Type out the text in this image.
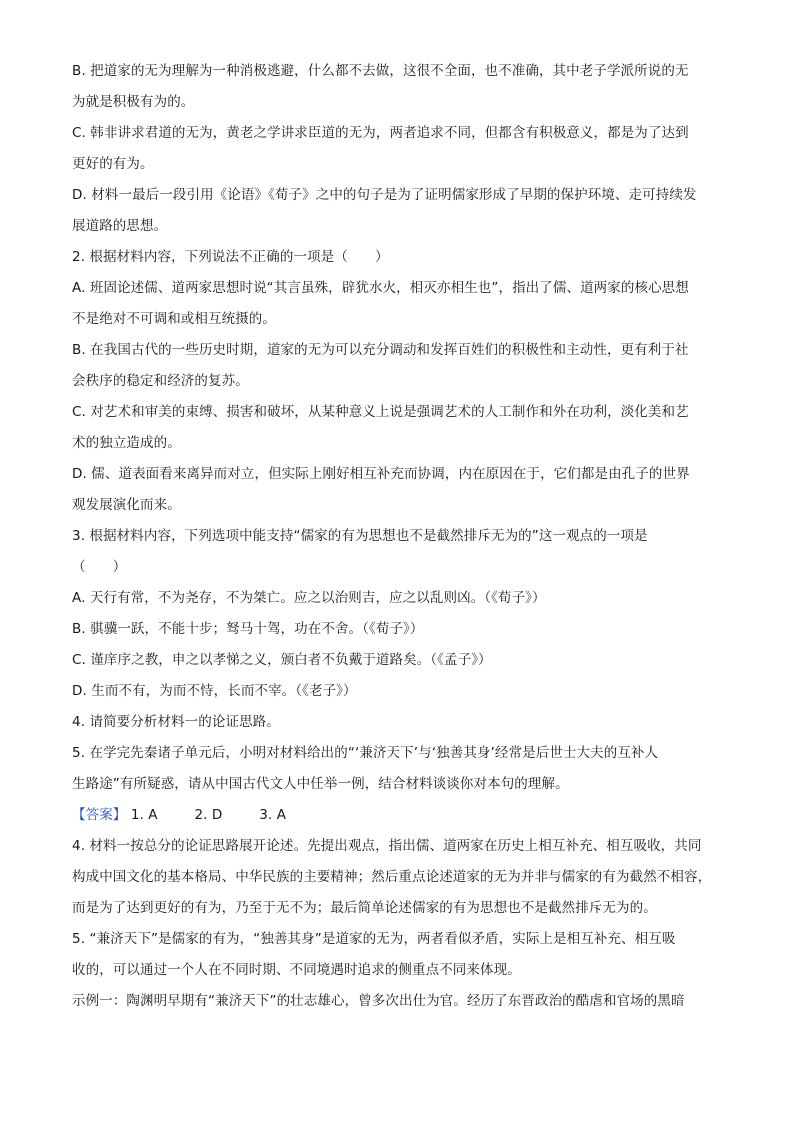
B. 把道家的无为理解为一种消极逃避，什么都不去做，这很不全面，也不准确，其中老子学派所说的无
为就是积极有为的。
C. 韩非讲求君道的无为，黄老之学讲求臣道的无为，两者追求不同，但都含有积极意义，都是为了达到
更好的有为。
D. 材料一最后一段引用《论语》《荀子》之中的句子是为了证明儒家形成了早期的保护环境、走可持续发
展道路的思想。
2. 根据材料内容，下列说法不正确的一项是（　　）
A. 班固论述儒、道两家思想时说“其言虽殊，辟犹水火，相灭亦相生也”，指出了儒、道两家的核心思想
不是绝对不可调和或相互统摄的。
B. 在我国古代的一些历史时期，道家的无为可以充分调动和发挥百姓们的积极性和主动性，更有利于社
会秩序的稳定和经济的复苏。
C. 对艺术和审美的束缚、损害和破坏，从某种意义上说是强调艺术的人工制作和外在功利，淡化美和艺
术的独立造成的。
D. 儒、道表面看来离异而对立，但实际上刚好相互补充而协调，内在原因在于，它们都是由孔子的世界
观发展演化而来。
3. 根据材料内容，下列选项中能支持“儒家的有为思想也不是截然排斥无为的”这一观点的一项是
（　　）
A. 天行有常，不为尧存，不为桀亡。应之以治则吉，应之以乱则凶。（《荀子》）
B. 骐骥一跃，不能十步；驽马十驾，功在不舍。（《荀子》）
C. 谨庠序之教，申之以孝悌之义，颁白者不负戴于道路矣。（《孟子》）
D. 生而不有，为而不恃，长而不宰。（《老子》）
4. 请简要分析材料一的论证思路。
5. 在学完先秦诸子单元后，小明对材料给出的“‘兼济天下’与‘独善其身’经常是后世士大夫的互补人
生路途”有所疑惑，请从中国古代文人中任举一例，结合材料谈谈你对本句的理解。
【答案】 1. A	2. D	3. A
4. 材料一按总分的论证思路展开论述。先提出观点，指出儒、道两家在历史上相互补充、相互吸收，共同
构成中国文化的基本格局、中华民族的主要精神；然后重点论述道家的无为并非与儒家的有为截然不相容，
而是为了达到更好的有为，乃至于无不为；最后简单论述儒家的有为思想也不是截然排斥无为的。
5. “兼济天下”是儒家的有为，“独善其身”是道家的无为，两者看似矛盾，实际上是相互补充、相互吸
收的，可以通过一个人在不同时期、不同境遇时追求的侧重点不同来体现。
示例一：陶渊明早期有“兼济天下”的壮志雄心，曾多次出仕为官。经历了东晋政治的酷虐和官场的黑暗
